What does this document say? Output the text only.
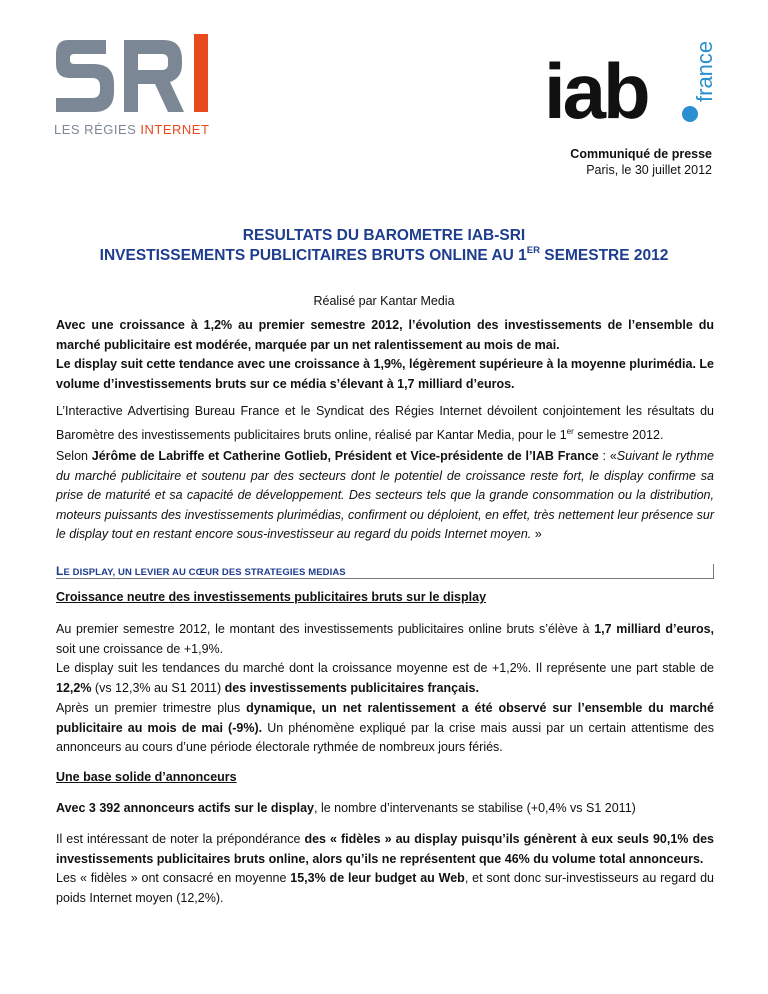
LES RÉGIES INTERNET	iab france
Communiqué de presse
Paris, le 30 juillet 2012
RESULTATS DU BAROMETRE IAB-SRI
INVESTISSEMENTS PUBLICITAIRES BRUTS ONLINE AU 1ER SEMESTRE 2012
Réalisé par Kantar Media
Avec une croissance à 1,2% au premier semestre 2012, l’évolution des investissements de l’ensemble du marché publicitaire est modérée, marquée par un net ralentissement au mois de mai.
Le display suit cette tendance avec une croissance à 1,9%, légèrement supérieure à la moyenne plurimédia. Le volume d’investissements bruts sur ce média s’élevant à 1,7 milliard d’euros.
L’Interactive Advertising Bureau France et le Syndicat des Régies Internet dévoilent conjointement les résultats du Baromètre des investissements publicitaires bruts online, réalisé par Kantar Media, pour le 1er semestre 2012.
Selon Jérôme de Labriffe et Catherine Gotlieb, Président et Vice-présidente de l’IAB France : «Suivant le rythme du marché publicitaire et soutenu par des secteurs dont le potentiel de croissance reste fort, le display confirme sa prise de maturité et sa capacité de développement. Des secteurs tels que la grande consommation ou la distribution, moteurs puissants des investissements plurimédias, confirment ou déploient, en effet, très nettement leur présence sur le display tout en restant encore sous-investisseur au regard du poids Internet moyen. »
LE DISPLAY, UN LEVIER AU CŒUR DES STRATEGIES MEDIAS
Croissance neutre des investissements publicitaires bruts sur le display
Au premier semestre 2012, le montant des investissements publicitaires online bruts s’élève à 1,7 milliard d’euros, soit une croissance de +1,9%.
Le display suit les tendances du marché dont la croissance moyenne est de +1,2%. Il représente une part stable de 12,2% (vs 12,3% au S1 2011) des investissements publicitaires français.
Après un premier trimestre plus dynamique, un net ralentissement a été observé sur l’ensemble du marché publicitaire au mois de mai (-9%). Un phénomène expliqué par la crise mais aussi par un certain attentisme des annonceurs au cours d’une période électorale rythmée de nombreux jours fériés.
Une base solide d’annonceurs
Avec 3 392 annonceurs actifs sur le display, le nombre d’intervenants se stabilise (+0,4% vs S1 2011)
Il est intéressant de noter la prépondérance des « fidèles » au display puisqu’ils génèrent à eux seuls 90,1% des investissements publicitaires bruts online, alors qu’ils ne représentent que 46% du volume total annonceurs.
Les « fidèles » ont consacré en moyenne 15,3% de leur budget au Web, et sont donc sur-investisseurs au regard du poids Internet moyen (12,2%).
